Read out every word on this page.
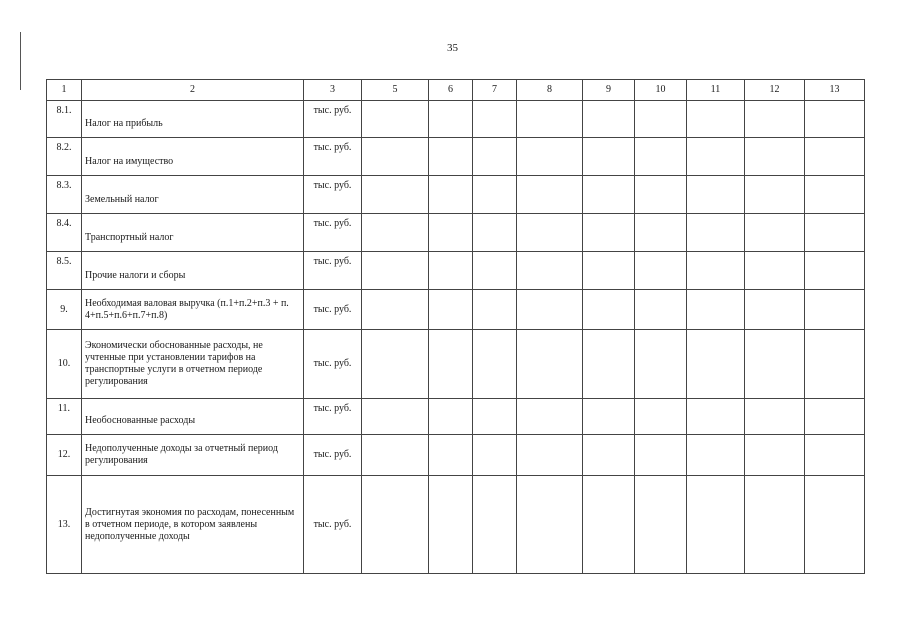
35
1	2	3	5	6	7	8	9	10	11	12	13
8.1.	Налог на прибыль	тыс. руб.									
8.2.	Налог на имущество	тыс. руб.									
8.3.	Земельный налог	тыс. руб.									
8.4.	Транспортный налог	тыс. руб.									
8.5.	Прочие налоги и сборы	тыс. руб.									
9.	Необходимая валовая выручка (п.1+п.2+п.3 + п. 4+п.5+п.6+п.7+п.8)	тыс. руб.									
10.	Экономически обоснованные расходы, не учтенные при установлении тарифов на транспортные услуги в отчетном периоде регулирования	тыс. руб.									
11.	Необоснованные расходы	тыс. руб.									
12.	Недополученные доходы за отчетный период регулирования	тыс. руб.									
13.	Достигнутая экономия по расходам, понесенным в отчетном периоде, в котором заявлены недополученные доходы	тыс. руб.									
